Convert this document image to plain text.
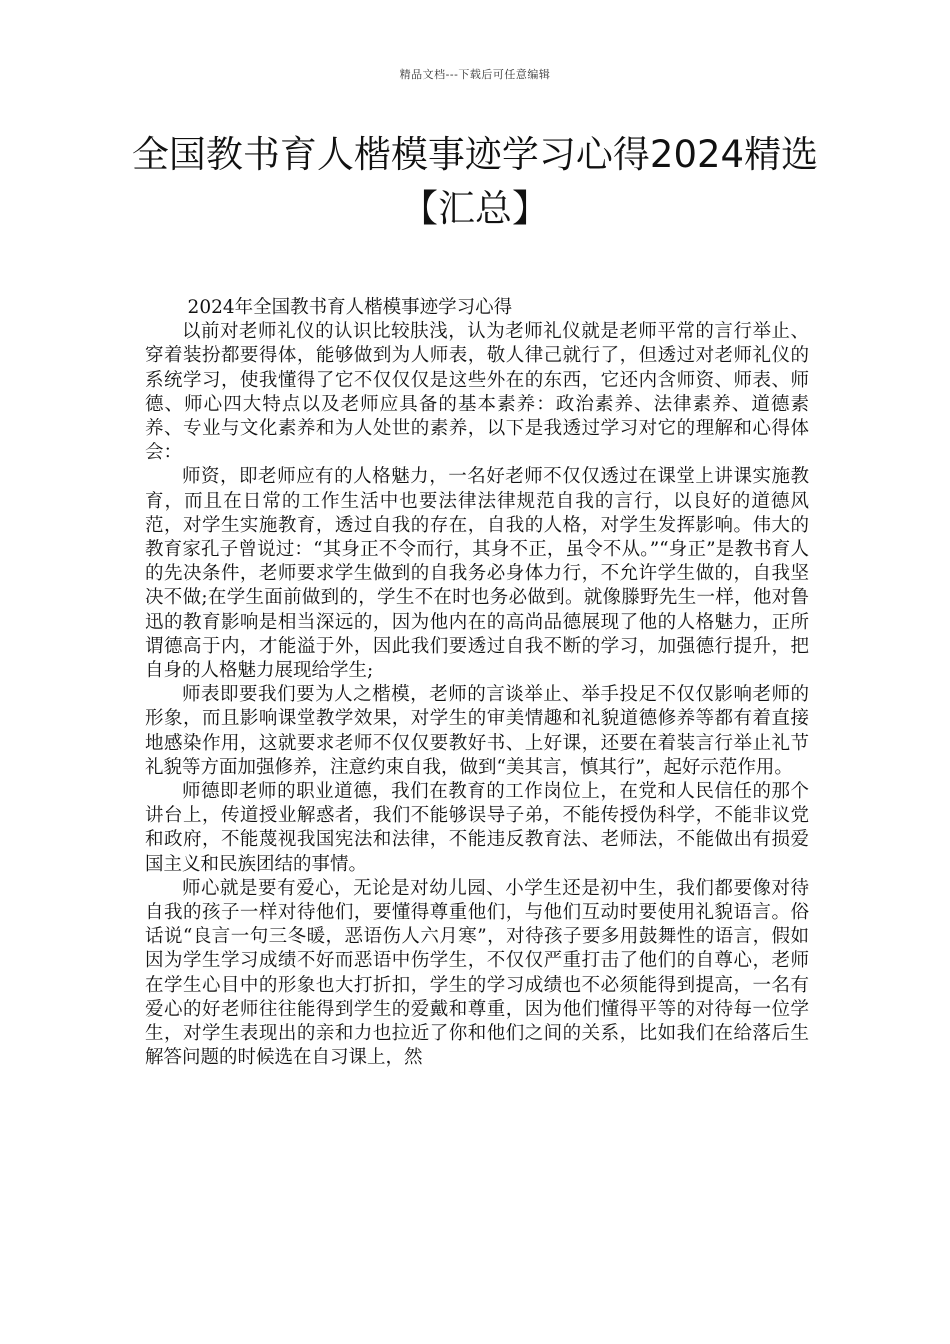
精品文档---下载后可任意编辑
全国教书育人楷模事迹学习心得2024精选【汇总】

2024年全国教书育人楷模事迹学习心得

以前对老师礼仪的认识比较肤浅，认为老师礼仪就是老师平常的言行举止、穿着装扮都要得体，能够做到为人师表，敬人律己就行了，但透过对老师礼仪的系统学习，使我懂得了它不仅仅仅是这些外在的东西，它还内含师资、师表、师德、师心四大特点以及老师应具备的基本素养：政治素养、法律素养、道德素养、专业与文化素养和为人处世的素养，以下是我透过学习对它的理解和心得体会：

师资，即老师应有的人格魅力，一名好老师不仅仅透过在课堂上讲课实施教育，而且在日常的工作生活中也要法律法律规范自我的言行，以良好的道德风范，对学生实施教育，透过自我的存在，自我的人格，对学生发挥影响。伟大的教育家孔子曾说过：“其身正不令而行，其身不正，虽令不从。”“身正”是教书育人的先决条件，老师要求学生做到的自我务必身体力行，不允许学生做的，自我坚决不做;在学生面前做到的，学生不在时也务必做到。就像滕野先生一样，他对鲁迅的教育影响是相当深远的，因为他内在的高尚品德展现了他的人格魅力，正所谓德高于内，才能溢于外，因此我们要透过自我不断的学习，加强德行提升，把自身的人格魅力展现给学生;

师表即要我们要为人之楷模，老师的言谈举止、举手投足不仅仅影响老师的形象，而且影响课堂教学效果，对学生的审美情趣和礼貌道德修养等都有着直接地感染作用，这就要求老师不仅仅要教好书、上好课，还要在着装言行举止礼节礼貌等方面加强修养，注意约束自我，做到“美其言，慎其行”，起好示范作用。

师德即老师的职业道德，我们在教育的工作岗位上，在党和人民信任的那个讲台上，传道授业解惑者，我们不能够误导子弟，不能传授伪科学，不能非议党和政府，不能蔑视我国宪法和法律，不能违反教育法、老师法，不能做出有损爱国主义和民族团结的事情。

师心就是要有爱心，无论是对幼儿园、小学生还是初中生，我们都要像对待自我的孩子一样对待他们，要懂得尊重他们，与他们互动时要使用礼貌语言。俗话说“良言一句三冬暖，恶语伤人六月寒”，对待孩子要多用鼓舞性的语言，假如因为学生学习成绩不好而恶语中伤学生，不仅仅严重打击了他们的自尊心，老师在学生心目中的形象也大打折扣，学生的学习成绩也不必须能得到提高，一名有爱心的好老师往往能得到学生的爱戴和尊重，因为他们懂得平等的对待每一位学生，对学生表现出的亲和力也拉近了你和他们之间的关系，比如我们在给落后生解答问题的时候选在自习课上，然
